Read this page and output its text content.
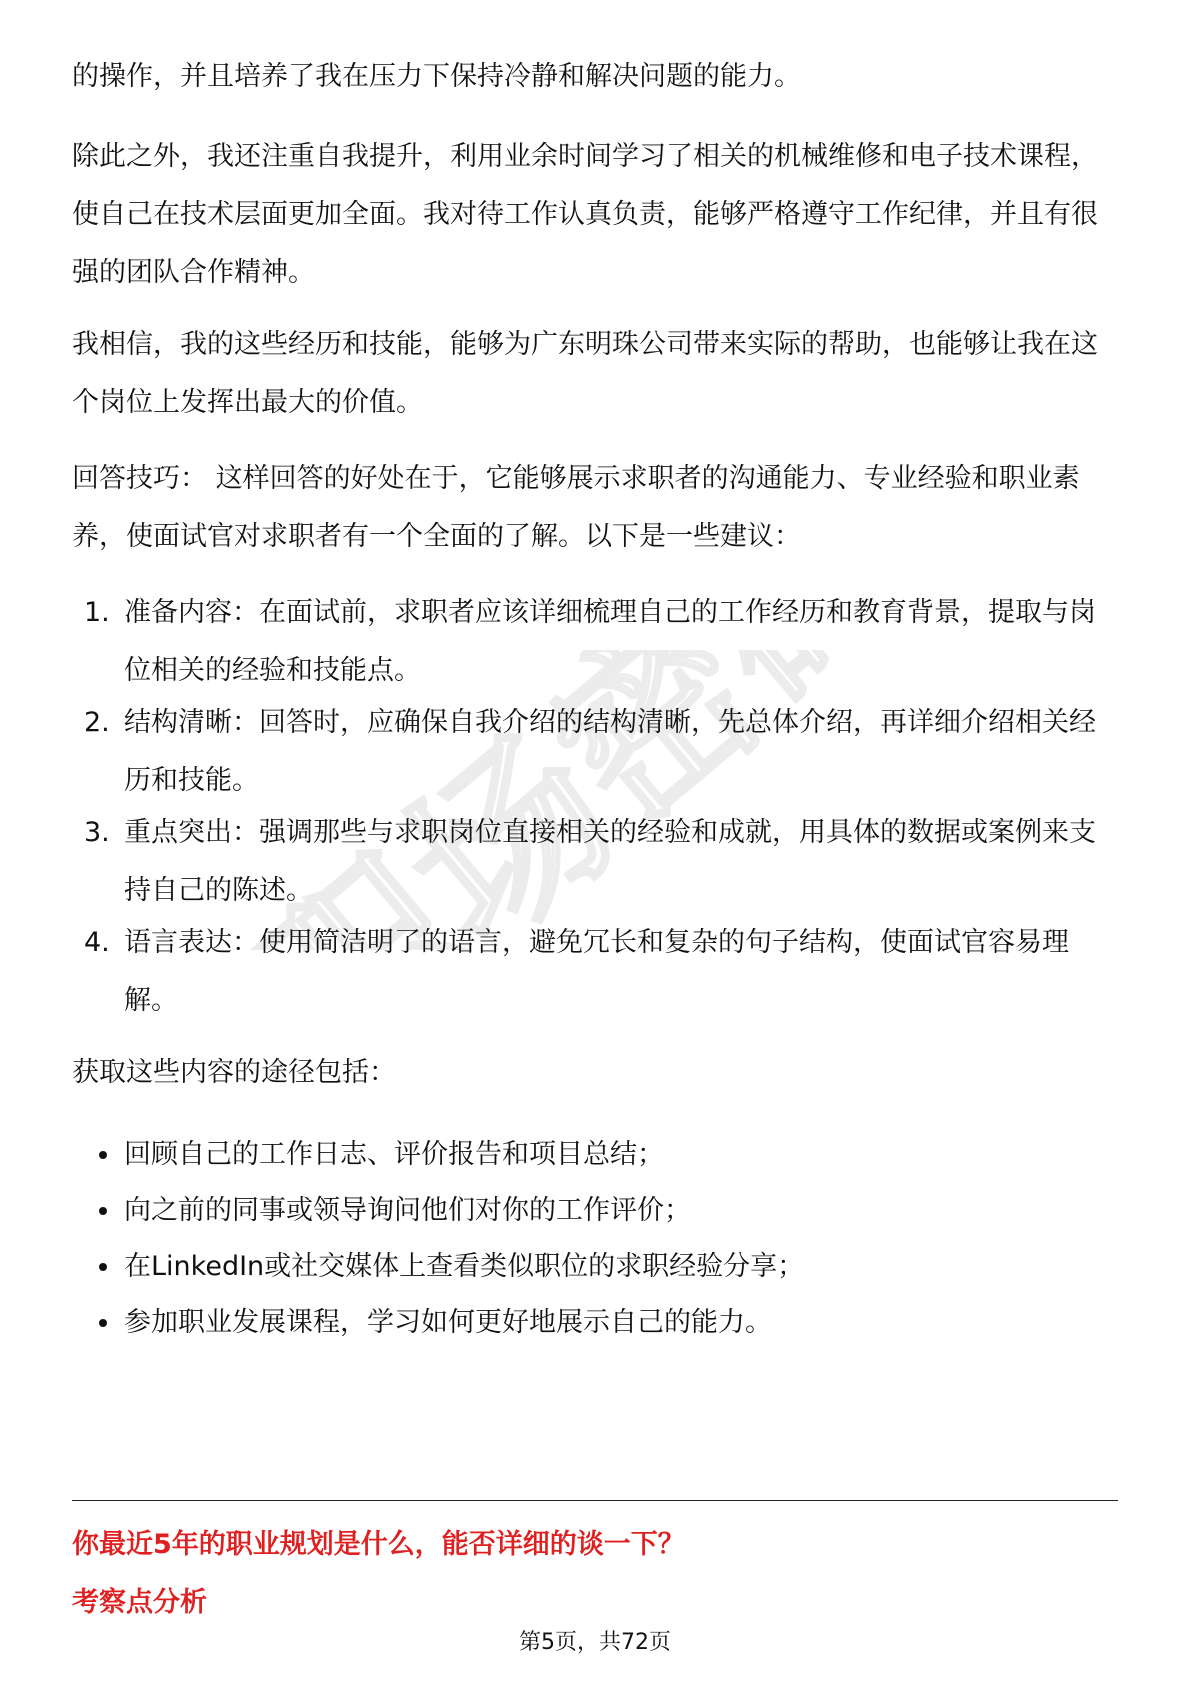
的操作，并且培养了我在压力下保持冷静和解决问题的能力。

除此之外，我还注重自我提升，利用业余时间学习了相关的机械维修和电子技术课程，使自己在技术层面更加全面。我对待工作认真负责，能够严格遵守工作纪律，并且有很强的团队合作精神。

我相信，我的这些经历和技能，能够为广东明珠公司带来实际的帮助，也能够让我在这个岗位上发挥出最大的价值。

回答技巧： 这样回答的好处在于，它能够展示求职者的沟通能力、专业经验和职业素养，使面试官对求职者有一个全面的了解。以下是一些建议：

1. 准备内容：在面试前，求职者应该详细梳理自己的工作经历和教育背景，提取与岗位相关的经验和技能点。
2. 结构清晰：回答时，应确保自我介绍的结构清晰，先总体介绍，再详细介绍相关经历和技能。
3. 重点突出：强调那些与求职岗位直接相关的经验和成就，用具体的数据或案例来支持自己的陈述。
4. 语言表达：使用简洁明了的语言，避免冗长和复杂的句子结构，使面试官容易理解。

获取这些内容的途径包括：

回顾自己的工作日志、评价报告和项目总结；
向之前的同事或领导询问他们对你的工作评价；
在LinkedIn或社交媒体上查看类似职位的求职经验分享；
参加职业发展课程，学习如何更好地展示自己的能力。
你最近5年的职业规划是什么，能否详细的谈一下？
考察点分析
第5页，共72页
